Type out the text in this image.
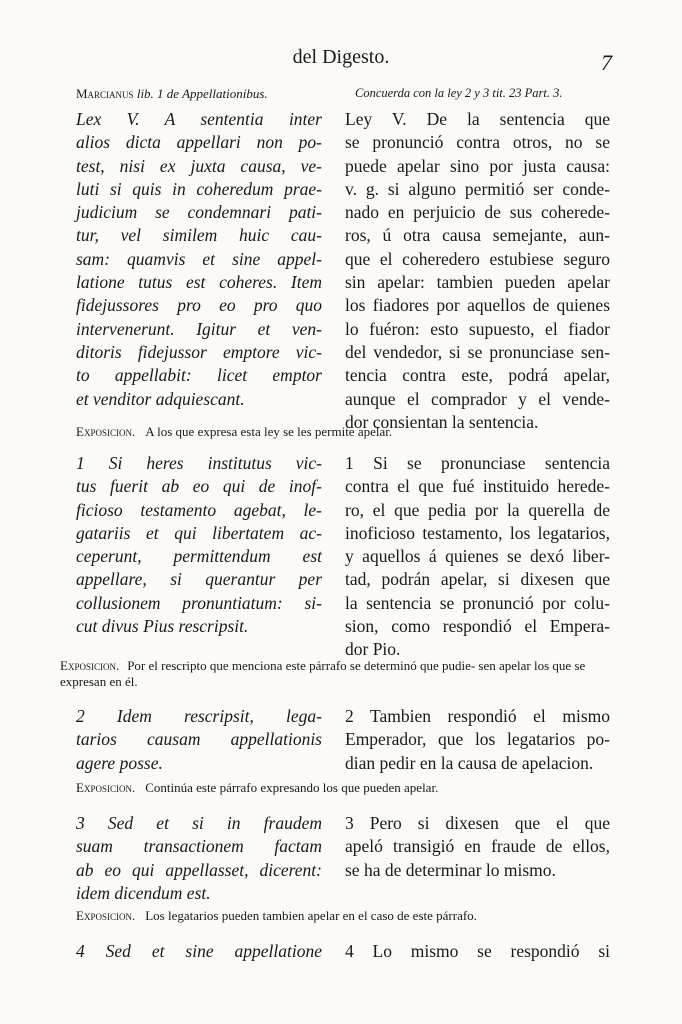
del Digesto.	7
Marcianus lib. 1 de Appellationibus.	Concuerda con la ley 2 y 3 tit. 23 Part. 3.
Lex V. A sententia inter
alios dicta appellari non po-
test, nisi ex juxta causa, ve-
luti si quis in coheredum prae-
judicium se condemnari pati-
tur, vel similem huic cau-
sam: quamvis et sine appel-
latione tutus est coheres. Item
fidejussores pro eo pro quo
intervenerunt. Igitur et ven-
ditoris fidejussor emptore vic-
to appellabit: licet emptor
et venditor adquiescant.
Ley V. De la sentencia que
se pronunció contra otros, no se
puede apelar sino por justa causa:
v. g. si alguno permitió ser conde-
nado en perjuicio de sus coherede-
ros, ú otra causa semejante, aun-
que el coheredero estubiese seguro
sin apelar: tambien pueden apelar
los fiadores por aquellos de quienes
lo fuéron: esto supuesto, el fiador
del vendedor, si se pronunciase sen-
tencia contra este, podrá apelar,
aunque el comprador y el vende-
dor consientan la sentencia.
Exposicion. A los que expresa esta ley se les permite apelar.
1 Si heres institutus vic-
tus fuerit ab eo qui de inof-
ficioso testamento agebat, le-
gatariis et qui libertatem ac-
ceperunt, permittendum est
appellare, si querantur per
collusionem pronuntiatum: si-
cut divus Pius rescripsit.
1 Si se pronunciase sentencia
contra el que fué instituido herede-
ro, el que pedia por la querella de
inoficioso testamento, los legatarios,
y aquellos á quienes se dexó liber-
tad, podrán apelar, si dixesen que
la sentencia se pronunció por colu-
sion, como respondió el Empera-
dor Pio.
Exposicion. Por el rescripto que menciona este párrafo se determinó que pudie- sen apelar los que se expresan en él.
2 Idem rescripsit, lega-
tarios causam appellationis
agere posse.
2 Tambien respondió el mismo
Emperador, que los legatarios po-
dian pedir en la causa de apelacion.
Exposicion. Continúa este párrafo expresando los que pueden apelar.
3 Sed et si in fraudem
suam transactionem factam
ab eo qui appellasset, dicerent:
idem dicendum est.
3 Pero si dixesen que el que
apeló transigió en fraude de ellos,
se ha de determinar lo mismo.
Exposicion. Los legatarios pueden tambien apelar en el caso de este párrafo.
4 Sed et sine appellatione 4 Lo mismo se respondió si
